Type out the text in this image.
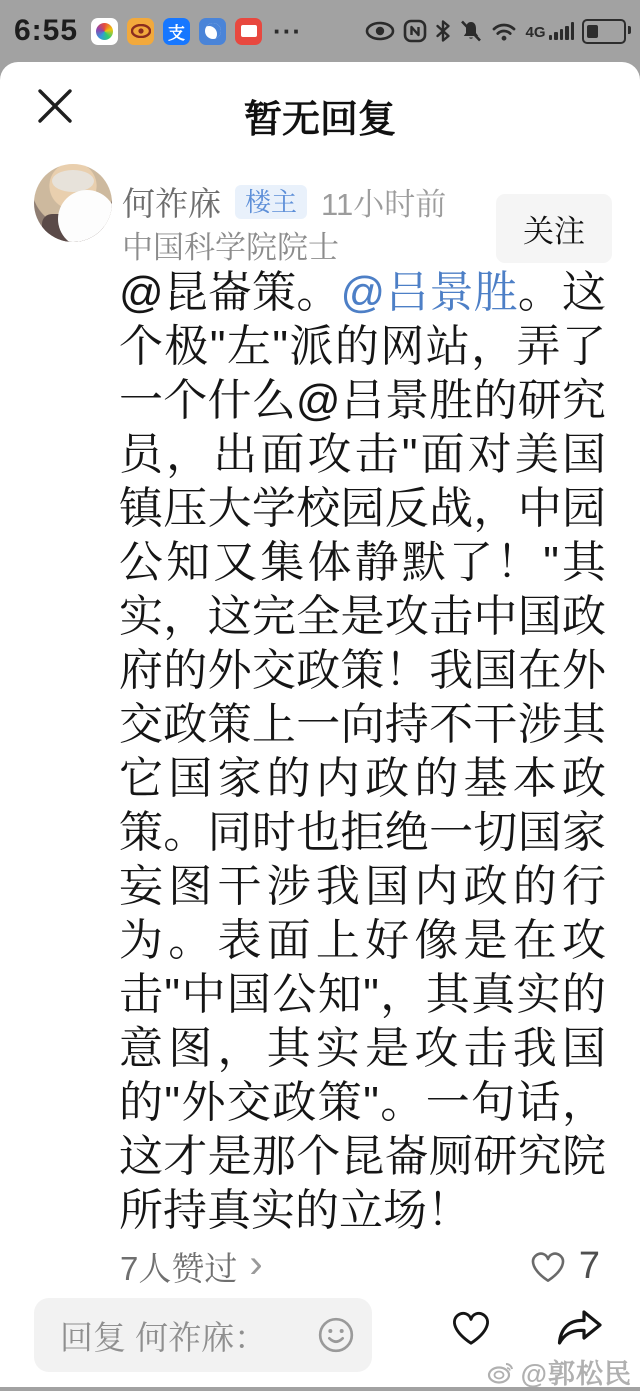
6:55	支	···	4G
暂无回复
何祚庥 楼主 11小时前
中国科学院院士	关注
@昆崙策。@吕景胜。这个极"左"派的网站，弄了一个什么@吕景胜的研究员，出面攻击"面对美国镇压大学校园反战，中园公知又集体静默了！"其实，这完全是攻击中国政府的外交政策！我国在外交政策上一向持不干涉其它国家的内政的基本政策。同时也拒绝一切国家妄图干涉我国内政的行为。表面上好像是在攻击"中国公知"，其真实的意图，其实是攻击我国的"外交政策"。一句话，这才是那个昆崙厕研究院所持真实的立场！
7人赞过 ›	7
回复 何祚庥：
@郭松民
